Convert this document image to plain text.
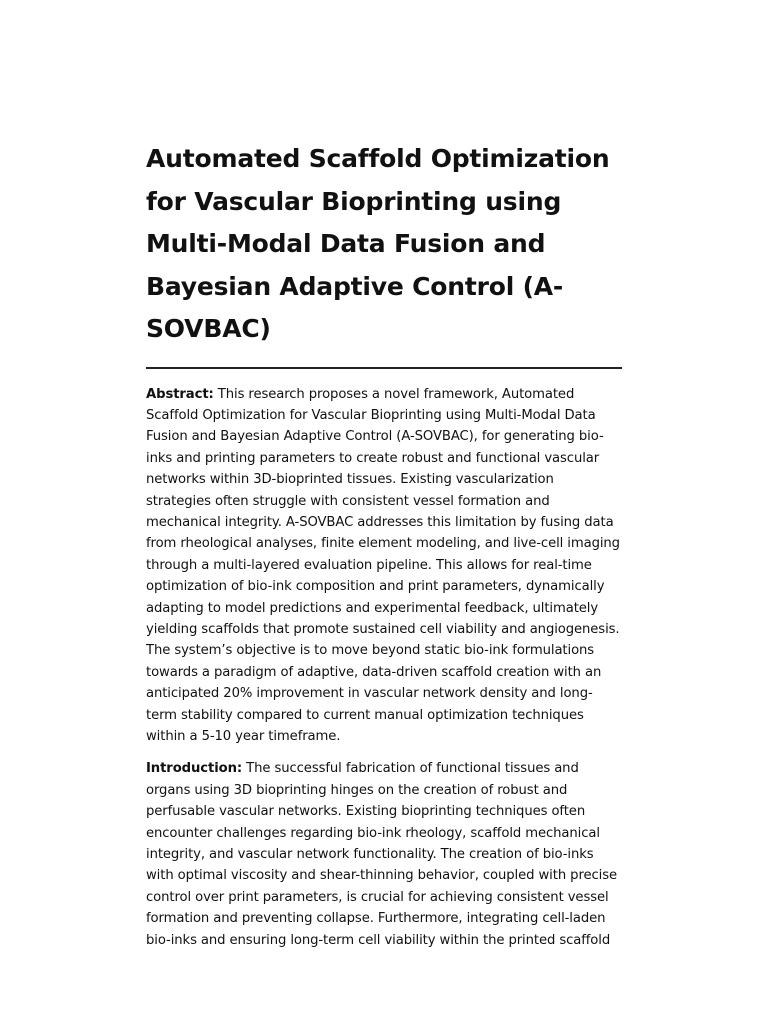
Automated Scaffold Optimization for Vascular Bioprinting using Multi-Modal Data Fusion and Bayesian Adaptive Control (A-SOVBAC)

Abstract: This research proposes a novel framework, Automated Scaffold Optimization for Vascular Bioprinting using Multi-Modal Data Fusion and Bayesian Adaptive Control (A-SOVBAC), for generating bio-inks and printing parameters to create robust and functional vascular networks within 3D-bioprinted tissues. Existing vascularization strategies often struggle with consistent vessel formation and mechanical integrity. A-SOVBAC addresses this limitation by fusing data from rheological analyses, finite element modeling, and live-cell imaging through a multi-layered evaluation pipeline. This allows for real-time optimization of bio-ink composition and print parameters, dynamically adapting to model predictions and experimental feedback, ultimately yielding scaffolds that promote sustained cell viability and angiogenesis. The system’s objective is to move beyond static bio-ink formulations towards a paradigm of adaptive, data-driven scaffold creation with an anticipated 20% improvement in vascular network density and long-term stability compared to current manual optimization techniques within a 5-10 year timeframe.

Introduction: The successful fabrication of functional tissues and organs using 3D bioprinting hinges on the creation of robust and perfusable vascular networks. Existing bioprinting techniques often encounter challenges regarding bio-ink rheology, scaffold mechanical integrity, and vascular network functionality. The creation of bio-inks with optimal viscosity and shear-thinning behavior, coupled with precise control over print parameters, is crucial for achieving consistent vessel formation and preventing collapse. Furthermore, integrating cell-laden bio-inks and ensuring long-term cell viability within the printed scaffold
